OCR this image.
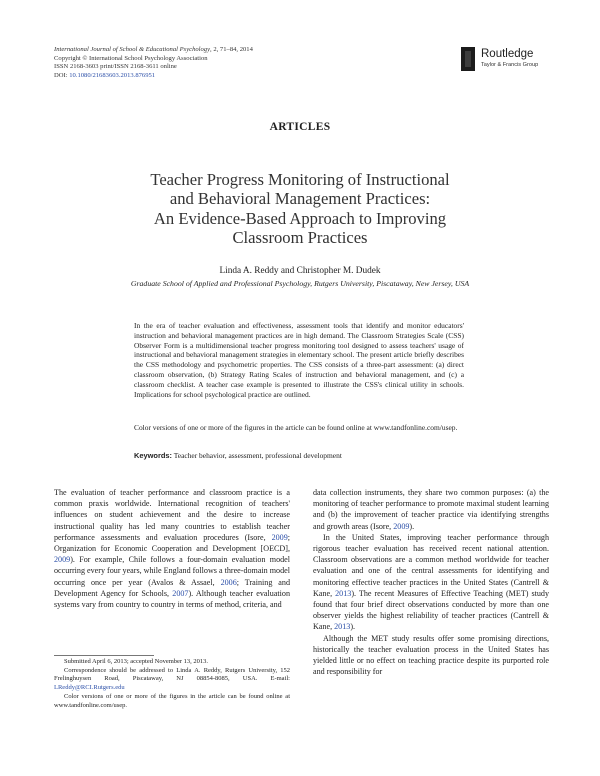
International Journal of School & Educational Psychology, 2, 71–84, 2014
Copyright © International School Psychology Association
ISSN 2168-3603 print/ISSN 2168-3611 online
DOI: 10.1080/21683603.2013.876951
Routledge
Taylor & Francis Group
ARTICLES
Teacher Progress Monitoring of Instructional
and Behavioral Management Practices:
An Evidence-Based Approach to Improving
Classroom Practices
Linda A. Reddy and Christopher M. Dudek
Graduate School of Applied and Professional Psychology, Rutgers University, Piscataway, New Jersey, USA
In the era of teacher evaluation and effectiveness, assessment tools that identify and monitor educators' instruction and behavioral management practices are in high demand. The Classroom Strategies Scale (CSS) Observer Form is a multidimensional teacher progress monitoring tool designed to assess teachers' usage of instructional and behavioral management strategies in elementary school. The present article briefly describes the CSS methodology and psychometric properties. The CSS consists of a three-part assessment: (a) direct classroom observation, (b) Strategy Rating Scales of instruction and behavioral management, and (c) a classroom checklist. A teacher case example is presented to illustrate the CSS's clinical utility in schools. Implications for school psychological practice are outlined.
Color versions of one or more of the figures in the article can be found online at www.tandfonline.com/usep.
Keywords: Teacher behavior, assessment, professional development

The evaluation of teacher performance and classroom practice is a common praxis worldwide. International recognition of teachers' influences on student achievement and the desire to increase instructional quality has led many countries to establish teacher performance assessments and evaluation procedures (Isore, 2009; Organization for Economic Cooperation and Development [OECD], 2009). For example, Chile follows a four-domain evaluation model occurring every four years, while England follows a three-domain model occurring once per year (Avalos & Assael, 2006; Training and Development Agency for Schools, 2007). Although teacher evaluation systems vary from country to country in terms of method, criteria, and

data collection instruments, they share two common purposes: (a) the monitoring of teacher performance to promote maximal student learning and (b) the improvement of teacher practice via identifying strengths and growth areas (Isore, 2009).

In the United States, improving teacher performance through rigorous teacher evaluation has received recent national attention. Classroom observations are a common method worldwide for teacher evaluation and one of the central assessments for identifying and monitoring effective teacher practices in the United States (Cantrell & Kane, 2013). The recent Measures of Effective Teaching (MET) study found that four brief direct observations conducted by more than one observer yields the highest reliability of teacher practices (Cantrell & Kane, 2013).

Although the MET study results offer some promising directions, historically the teacher evaluation process in the United States has yielded little or no effect on teaching practice despite its purported role and responsibility for

Submitted April 6, 2013; accepted November 13, 2013.

Correspondence should be addressed to Linda A. Reddy, Rutgers University, 152 Frelinghuysen Road, Piscataway, NJ 08854-8085, USA. E-mail: LReddy@RCI.Rutgers.edu

Color versions of one or more of the figures in the article can be found online at www.tandfonline.com/usep.
